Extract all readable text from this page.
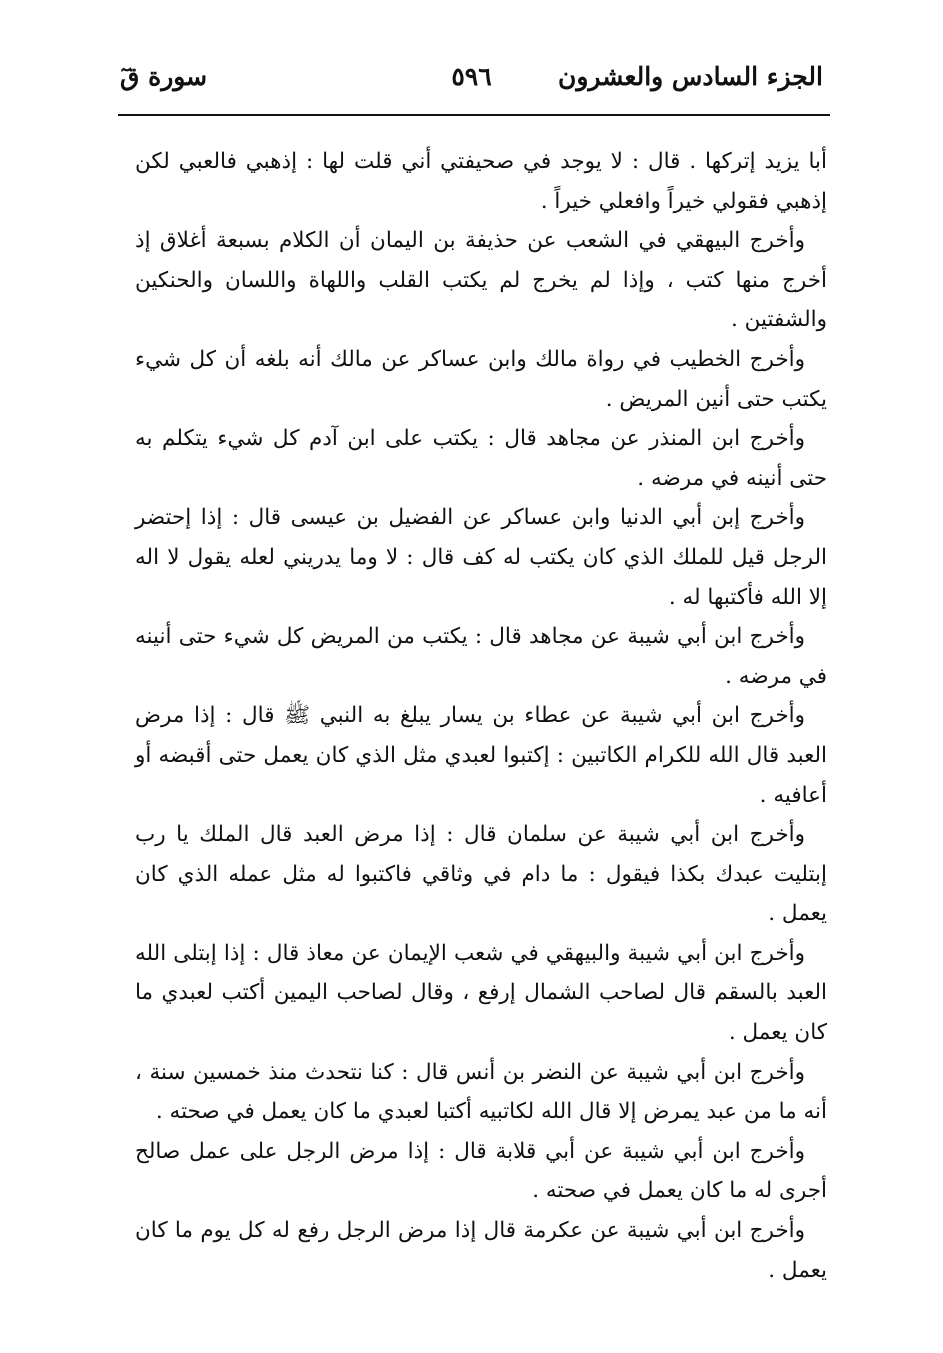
الجزء السادس والعشرون
٥٩٦
سورة قٓ

أبا يزيد إتركها . قال : لا يوجد في صحيفتي أني قلت لها : إذهبي فالعبي لكن إذهبي فقولي خيراً وافعلي خيراً .

وأخرج البيهقي في الشعب عن حذيفة بن اليمان أن الكلام بسبعة أغلاق إذ أخرج منها كتب ، وإذا لم يخرج لم يكتب القلب واللهاة واللسان والحنكين والشفتين .

وأخرج الخطيب في رواة مالك وابن عساكر عن مالك أنه بلغه أن كل شيء يكتب حتى أنين المريض .

وأخرج ابن المنذر عن مجاهد قال : يكتب على ابن آدم كل شيء يتكلم به حتى أنينه في مرضه .

وأخرج إبن أبي الدنيا وابن عساكر عن الفضيل بن عيسى قال : إذا إحتضر الرجل قيل للملك الذي كان يكتب له كف قال : لا وما يدريني لعله يقول لا اله إلا الله فأكتبها له .

وأخرج ابن أبي شيبة عن مجاهد قال : يكتب من المريض كل شيء حتى أنينه في مرضه .

وأخرج ابن أبي شيبة عن عطاء بن يسار يبلغ به النبي ﷺ قال : إذا مرض العبد قال الله للكرام الكاتبين : إكتبوا لعبدي مثل الذي كان يعمل حتى أقبضه أو أعافيه .

وأخرج ابن أبي شيبة عن سلمان قال : إذا مرض العبد قال الملك يا رب إبتليت عبدك بكذا فيقول : ما دام في وثاقي فاكتبوا له مثل عمله الذي كان يعمل .

وأخرج ابن أبي شيبة والبيهقي في شعب الإيمان عن معاذ قال : إذا إبتلى الله العبد بالسقم قال لصاحب الشمال إرفع ، وقال لصاحب اليمين أكتب لعبدي ما كان يعمل .

وأخرج ابن أبي شيبة عن النضر بن أنس قال : كنا نتحدث منذ خمسين سنة ، أنه ما من عبد يمرض إلا قال الله لكاتبيه أكتبا لعبدي ما كان يعمل في صحته .

وأخرج ابن أبي شيبة عن أبي قلابة قال : إذا مرض الرجل على عمل صالح أجرى له ما كان يعمل في صحته .

وأخرج ابن أبي شيبة عن عكرمة قال إذا مرض الرجل رفع له كل يوم ما كان يعمل .
